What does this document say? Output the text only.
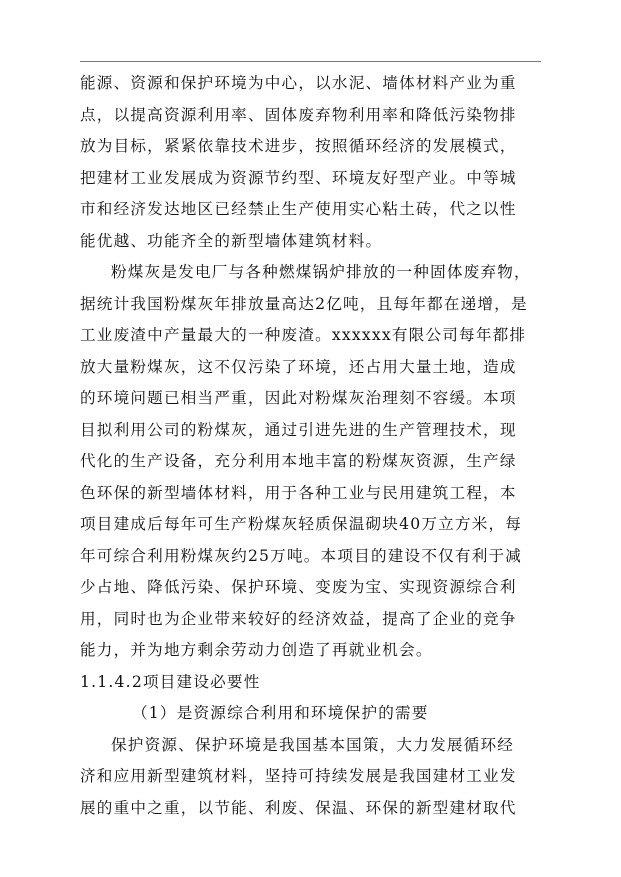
能源、资源和保护环境为中心，以水泥、墙体材料产业为重
点，以提高资源利用率、固体废弃物利用率和降低污染物排
放为目标，紧紧依靠技术进步，按照循环经济的发展模式，
把建材工业发展成为资源节约型、环境友好型产业。中等城
市和经济发达地区已经禁止生产使用实心粘土砖，代之以性
能优越、功能齐全的新型墙体建筑材料。
粉煤灰是发电厂与各种燃煤锅炉排放的一种固体废弃物，
据统计我国粉煤灰年排放量高达2亿吨，且每年都在递增，是
工业废渣中产量最大的一种废渣。xxxxxx有限公司每年都排
放大量粉煤灰，这不仅污染了环境，还占用大量土地，造成
的环境问题已相当严重，因此对粉煤灰治理刻不容缓。本项
目拟利用公司的粉煤灰，通过引进先进的生产管理技术，现
代化的生产设备，充分利用本地丰富的粉煤灰资源，生产绿
色环保的新型墙体材料，用于各种工业与民用建筑工程，本
项目建成后每年可生产粉煤灰轻质保温砌块40万立方米，每
年可综合利用粉煤灰约25万吨。本项目的建设不仅有利于减
少占地、降低污染、保护环境、变废为宝、实现资源综合利
用，同时也为企业带来较好的经济效益，提高了企业的竞争
能力，并为地方剩余劳动力创造了再就业机会。
1.1.4.2项目建设必要性
（1）是资源综合利用和环境保护的需要
保护资源、保护环境是我国基本国策，大力发展循环经
济和应用新型建筑材料，坚持可持续发展是我国建材工业发
展的重中之重，以节能、利废、保温、环保的新型建材取代
